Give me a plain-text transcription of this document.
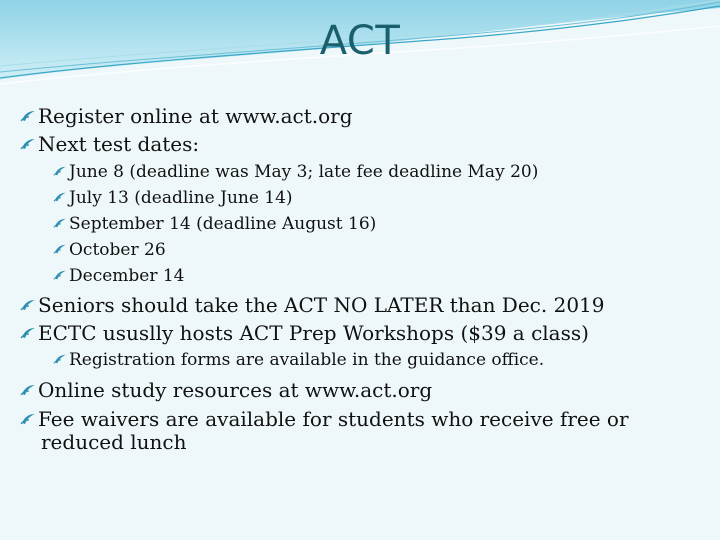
ACT
Register online at www.act.org
Next test dates:
June 8 (deadline was May 3; late fee deadline May 20)
July 13 (deadline June 14)
September 14 (deadline August 16)
October 26
December 14
Seniors should take the ACT NO LATER than Dec. 2019
ECTC ususlly hosts ACT Prep Workshops ($39 a class)
Registration forms are available in the guidance office.
Online study resources at www.act.org
Fee waivers are available for students who receive free or
reduced lunch
